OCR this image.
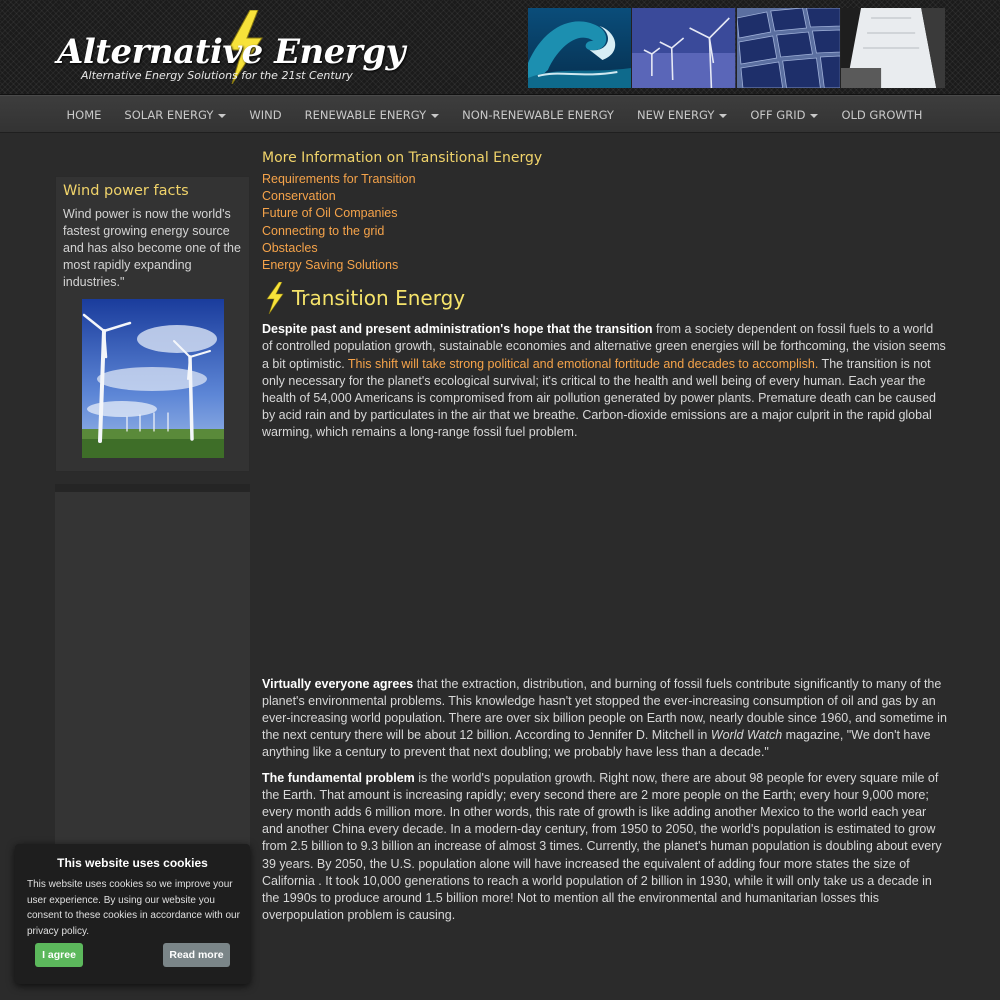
Alternative Energy
Alternative Energy Solutions for the 21st Century
HOME	SOLAR ENERGY	WIND	RENEWABLE ENERGY	NON-RENEWABLE ENERGY	NEW ENERGY	OFF GRID	OLD GROWTH
Wind power facts
Wind power is now the world's fastest growing energy source and has also become one of the most rapidly expanding industries."
More Information on Transitional Energy
Requirements for Transition
Conservation
Future of Oil Companies
Connecting to the grid
Obstacles
Energy Saving Solutions
Transition Energy

Despite past and present administration's hope that the transition from a society dependent on fossil fuels to a world of controlled population growth, sustainable economies and alternative green energies will be forthcoming, the vision seems a bit optimistic. This shift will take strong political and emotional fortitude and decades to accomplish. The transition is not only necessary for the planet's ecological survival; it's critical to the health and well being of every human. Each year the health of 54,000 Americans is compromised from air pollution generated by power plants. Premature death can be caused by acid rain and by particulates in the air that we breathe. Carbon-dioxide emissions are a major culprit in the rapid global warming, which remains a long-range fossil fuel problem.

Virtually everyone agrees that the extraction, distribution, and burning of fossil fuels contribute significantly to many of the planet's environmental problems. This knowledge hasn't yet stopped the ever-increasing consumption of oil and gas by an ever-increasing world population. There are over six billion people on Earth now, nearly double since 1960, and sometime in the next century there will be about 12 billion. According to Jennifer D. Mitchell in World Watch magazine, "We don't have anything like a century to prevent that next doubling; we probably have less than a decade."

The fundamental problem is the world's population growth. Right now, there are about 98 people for every square mile of the Earth. That amount is increasing rapidly; every second there are 2 more people on the Earth; every hour 9,000 more; every month adds 6 million more. In other words, this rate of growth is like adding another Mexico to the world each year and another China every decade. In a modern-day century, from 1950 to 2050, the world's population is estimated to grow from 2.5 billion to 9.3 billion an increase of almost 3 times. Currently, the planet's human population is doubling about every 39 years. By 2050, the U.S. population alone will have increased the equivalent of adding four more states the size of California . It took 10,000 generations to reach a world population of 2 billion in 1930, while it will only take us a decade in the 1990s to produce around 1.5 billion more! Not to mention all the environmental and humanitarian losses this overpopulation problem is causing.

This website uses cookies
This website uses cookies so we improve your user experience. By using our website you consent to these cookies in accordance with our privacy policy.
I agree	Read more
